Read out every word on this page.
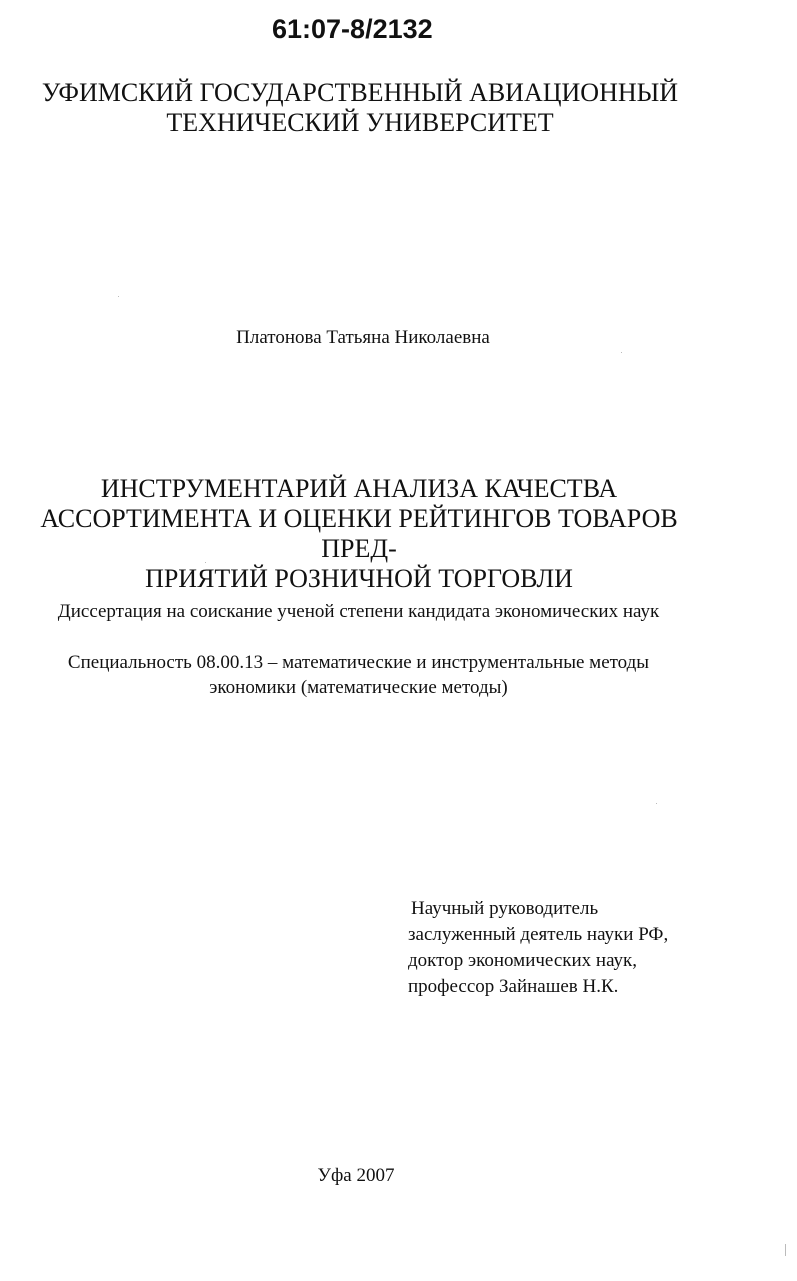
61:07-8/2132
УФИМСКИЙ ГОСУДАРСТВЕННЫЙ АВИАЦИОННЫЙ
ТЕХНИЧЕСКИЙ УНИВЕРСИТЕТ
Платонова Татьяна Николаевна
ИНСТРУМЕНТАРИЙ АНАЛИЗА КАЧЕСТВА
АССОРТИМЕНТА И ОЦЕНКИ РЕЙТИНГОВ ТОВАРОВ ПРЕД-
ПРИЯТИЙ РОЗНИЧНОЙ ТОРГОВЛИ
Диссертация на соискание ученой степени кандидата экономических наук
Специальность 08.00.13 – математические и инструментальные методы
экономики (математические методы)
Научный руководитель
заслуженный деятель науки РФ,
доктор экономических наук,
профессор Зайнашев Н.К.
Уфа 2007
